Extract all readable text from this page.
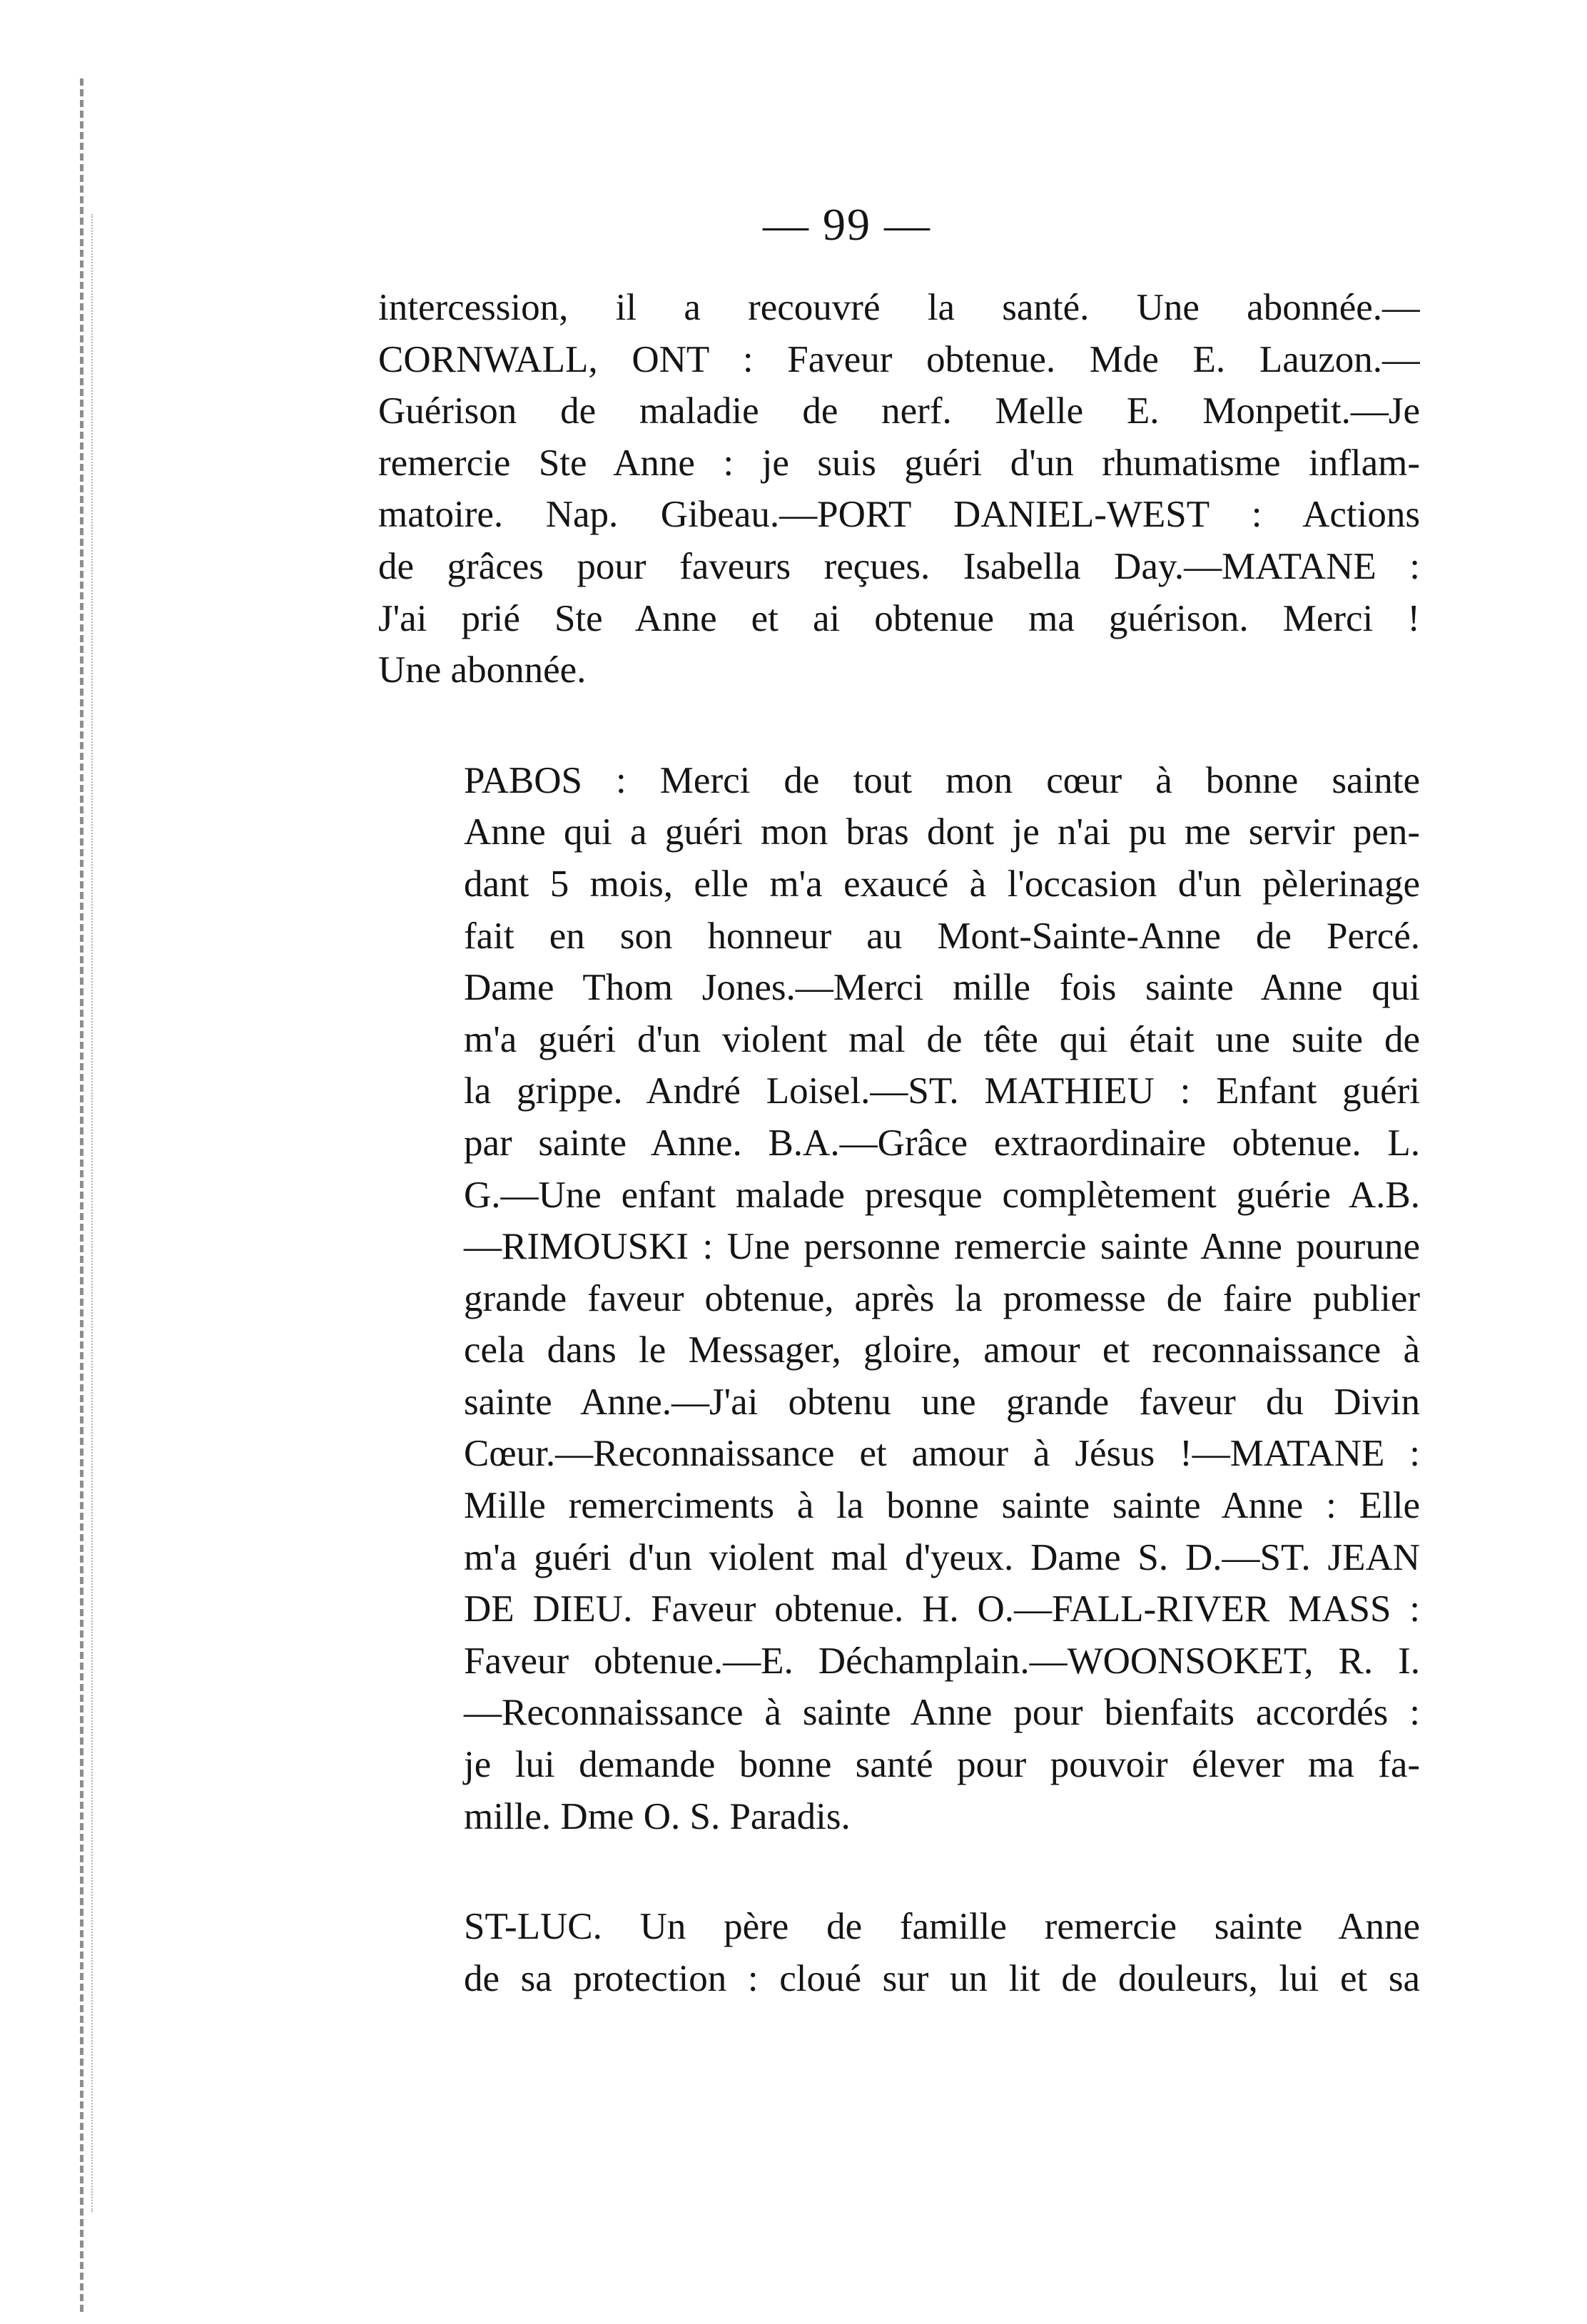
— 99 —

intercession, il a recouvré la santé. Une abonnée.—
CORNWALL, ONT : Faveur obtenue. Mde E. Lauzon.—
Guérison de maladie de nerf. Melle E. Monpetit.—Je
remercie Ste Anne : je suis guéri d'un rhumatisme inflam-
matoire. Nap. Gibeau.—PORT DANIEL-WEST : Actions
de grâces pour faveurs reçues. Isabella Day.—MATANE :
J'ai prié Ste Anne et ai obtenue ma guérison. Merci !
Une abonnée.

PABOS : Merci de tout mon cœur à bonne sainte
Anne qui a guéri mon bras dont je n'ai pu me servir pen-
dant 5 mois, elle m'a exaucé à l'occasion d'un pèlerinage
fait en son honneur au Mont-Sainte-Anne de Percé.
Dame Thom Jones.—Merci mille fois sainte Anne qui
m'a guéri d'un violent mal de tête qui était une suite de
la grippe. André Loisel.—ST. MATHIEU : Enfant guéri
par sainte Anne. B.A.—Grâce extraordinaire obtenue. L.
G.—Une enfant malade presque complètement guérie A.B.
—RIMOUSKI : Une personne remercie sainte Anne pourune
grande faveur obtenue, après la promesse de faire publier
cela dans le Messager, gloire, amour et reconnaissance à
sainte Anne.—J'ai obtenu une grande faveur du Divin
Cœur.—Reconnaissance et amour à Jésus !—MATANE :
Mille remerciments à la bonne sainte sainte Anne : Elle
m'a guéri d'un violent mal d'yeux. Dame S. D.—ST. JEAN
DE DIEU. Faveur obtenue. H. O.—FALL-RIVER MASS :
Faveur obtenue.—E. Déchamplain.—WOONSOKET, R. I.
—Reconnaissance à sainte Anne pour bienfaits accordés :
je lui demande bonne santé pour pouvoir élever ma fa-
mille. Dme O. S. Paradis.

ST-LUC. Un père de famille remercie sainte Anne
de sa protection : cloué sur un lit de douleurs, lui et sa
